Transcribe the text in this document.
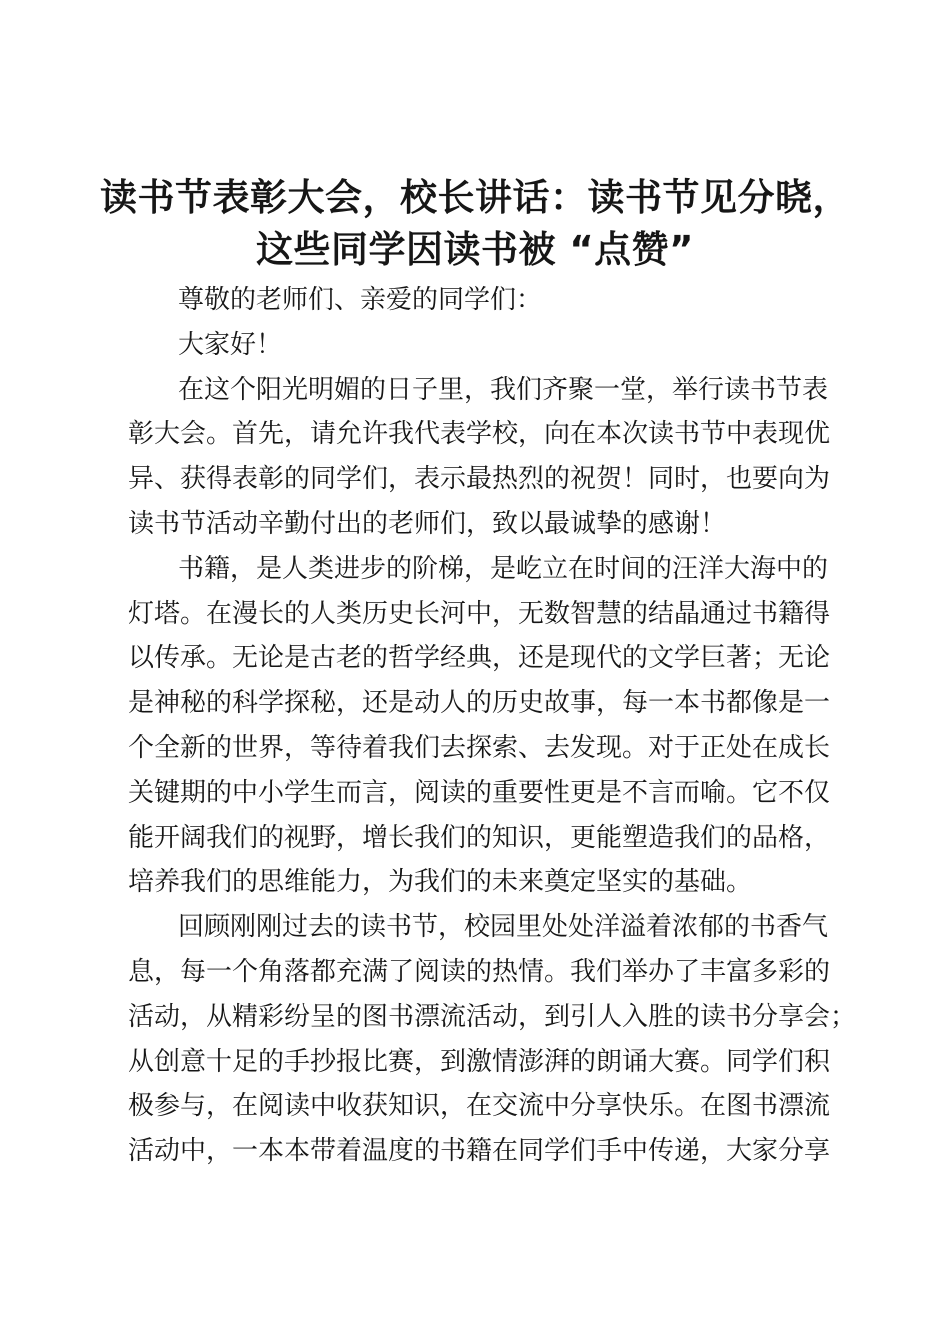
读书节表彰大会，校长讲话：读书节见分晓，
这些同学因读书被 “点赞”

尊敬的老师们、亲爱的同学们：

大家好！

在这个阳光明媚的日子里，我们齐聚一堂，举行读书节表
彰大会。首先，请允许我代表学校，向在本次读书节中表现优
异、获得表彰的同学们，表示最热烈的祝贺！同时，也要向为
读书节活动辛勤付出的老师们，致以最诚挚的感谢！

书籍，是人类进步的阶梯，是屹立在时间的汪洋大海中的
灯塔。在漫长的人类历史长河中，无数智慧的结晶通过书籍得
以传承。无论是古老的哲学经典，还是现代的文学巨著；无论
是神秘的科学探秘，还是动人的历史故事，每一本书都像是一
个全新的世界，等待着我们去探索、去发现。对于正处在成长
关键期的中小学生而言，阅读的重要性更是不言而喻。它不仅
能开阔我们的视野，增长我们的知识，更能塑造我们的品格，
培养我们的思维能力，为我们的未来奠定坚实的基础。

回顾刚刚过去的读书节，校园里处处洋溢着浓郁的书香气
息，每一个角落都充满了阅读的热情。我们举办了丰富多彩的
活动，从精彩纷呈的图书漂流活动，到引人入胜的读书分享会；
从创意十足的手抄报比赛，到激情澎湃的朗诵大赛。同学们积
极参与，在阅读中收获知识，在交流中分享快乐。在图书漂流
活动中，一本本带着温度的书籍在同学们手中传递，大家分享
